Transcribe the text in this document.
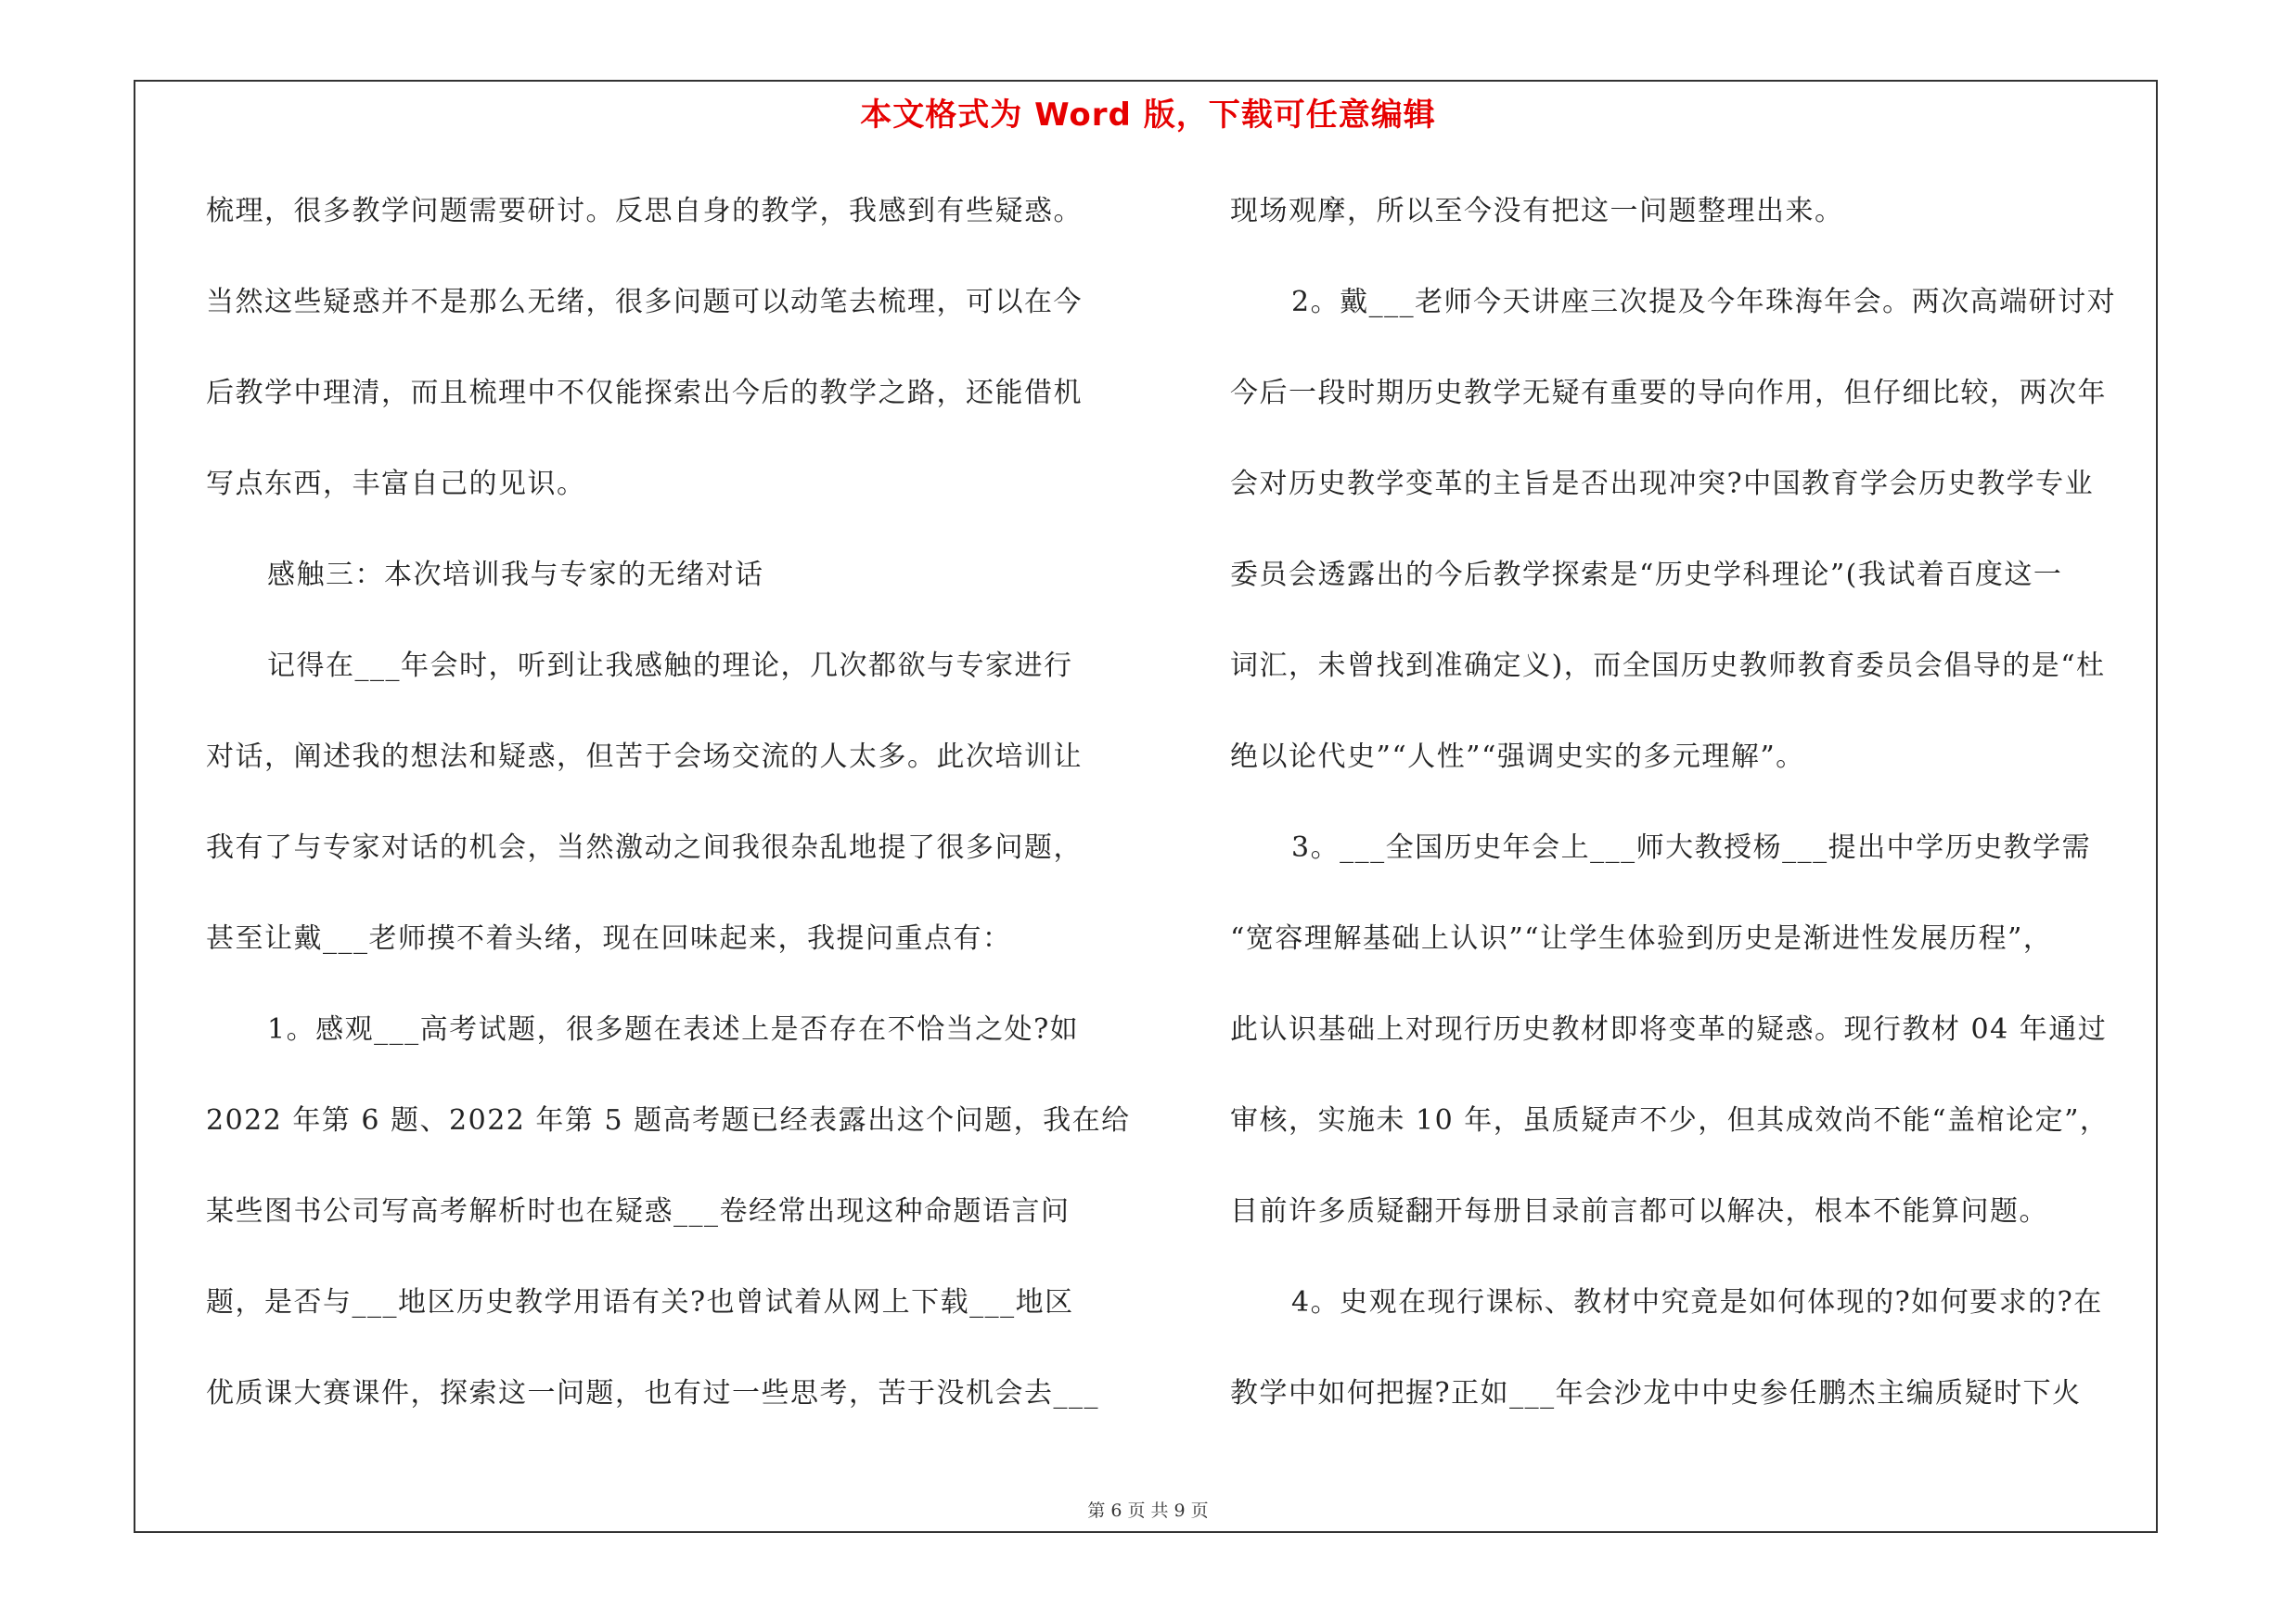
本文格式为 Word 版，下载可任意编辑
梳理，很多教学问题需要研讨。反思自身的教学，我感到有些疑惑。
当然这些疑惑并不是那么无绪，很多问题可以动笔去梳理，可以在今
后教学中理清，而且梳理中不仅能探索出今后的教学之路，还能借机
写点东西，丰富自己的见识。
感触三：本次培训我与专家的无绪对话
记得在___年会时，听到让我感触的理论，几次都欲与专家进行
对话，阐述我的想法和疑惑，但苦于会场交流的人太多。此次培训让
我有了与专家对话的机会，当然激动之间我很杂乱地提了很多问题，
甚至让戴___老师摸不着头绪，现在回味起来，我提问重点有：
1。感观___高考试题，很多题在表述上是否存在不恰当之处?如
2022 年第 6 题、2022 年第 5 题高考题已经表露出这个问题，我在给
某些图书公司写高考解析时也在疑惑___卷经常出现这种命题语言问
题，是否与___地区历史教学用语有关?也曾试着从网上下载___地区
优质课大赛课件，探索这一问题，也有过一些思考，苦于没机会去___
现场观摩，所以至今没有把这一问题整理出来。
2。戴___老师今天讲座三次提及今年珠海年会。两次高端研讨对
今后一段时期历史教学无疑有重要的导向作用，但仔细比较，两次年
会对历史教学变革的主旨是否出现冲突?中国教育学会历史教学专业
委员会透露出的今后教学探索是“历史学科理论”(我试着百度这一
词汇，未曾找到准确定义)，而全国历史教师教育委员会倡导的是“杜
绝以论代史”“人性”“强调史实的多元理解”。
3。___全国历史年会上___师大教授杨___提出中学历史教学需
“宽容理解基础上认识”“让学生体验到历史是渐进性发展历程”，
此认识基础上对现行历史教材即将变革的疑惑。现行教材 04 年通过
审核，实施未 10 年，虽质疑声不少，但其成效尚不能“盖棺论定”，
目前许多质疑翻开每册目录前言都可以解决，根本不能算问题。
4。史观在现行课标、教材中究竟是如何体现的?如何要求的?在
教学中如何把握?正如___年会沙龙中中史参任鹏杰主编质疑时下火
第 6 页 共 9 页
